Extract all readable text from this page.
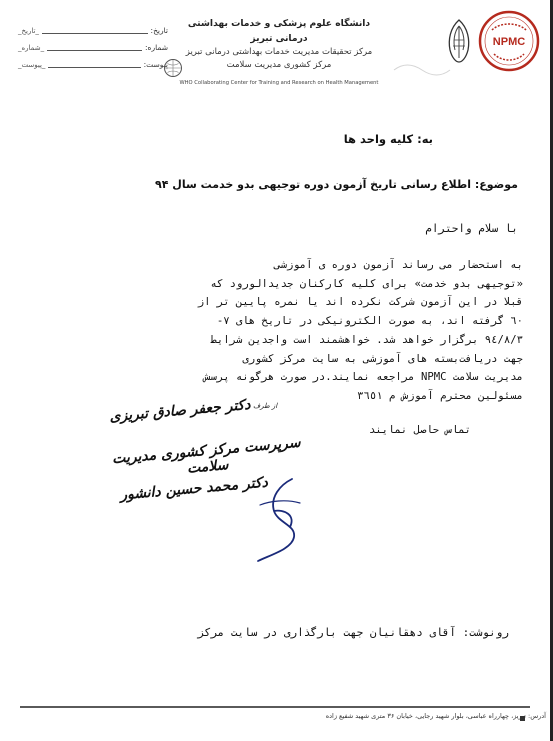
تاریخ:
_تاریخ_
شماره:
_شماره_
پیوست:
_پیوست_
دانشگاه علوم پزشکی و خدمات بهداشتی درمانی تبریز
مرکز تحقیقات مدیریت خدمات بهداشتی درمانی تبریز
مرکز کشوری مدیریت سلامت
WHO Collaborating Center for Training and Research on Health Management
NPMC
به: کلیه واحد ها
موضوع: اطلاع رسانی تاریخ آزمون دوره توجیهی بدو خدمت سال ۹۴
با سلام واحترام
به استحضار می رساند آزمون دوره ی آموزشی
«توجیهی بدو خدمت» برای کلیه کارکنان جدیدالورود که
قبلا در این آزمون شرکت نکرده اند یا نمره پایین تر از
٦٠ گرفته اند، به صورت الکترونیکی در تاریخ های ٧-
٩٤/٨/٣ برگزار خواهد شد. خواهشمند است واجدین شرایط
جهت دریافت‌بسته های آموزشی به سایت مرکز کشوری
مدیریت سلامت NPMC مراجعه نمایند.در صورت هرگونه پرسش
مسئولین محترم آموزش م ٣٦٥١
تماس حاصل نمایند
از طرف
دکتر جعفر صادق تبریزی
سرپرست مرکز کشوری مدیریت سلامت
دکتر محمد حسین دانشور
رونوشت: آقای دهقانیان جهت بارگذاری در سایت مرکز
آدرس: تبریز، چهارراه عباسی، بلوار شهید رجایی، خیابان ۳۶ متری شهید شفیع زاده
